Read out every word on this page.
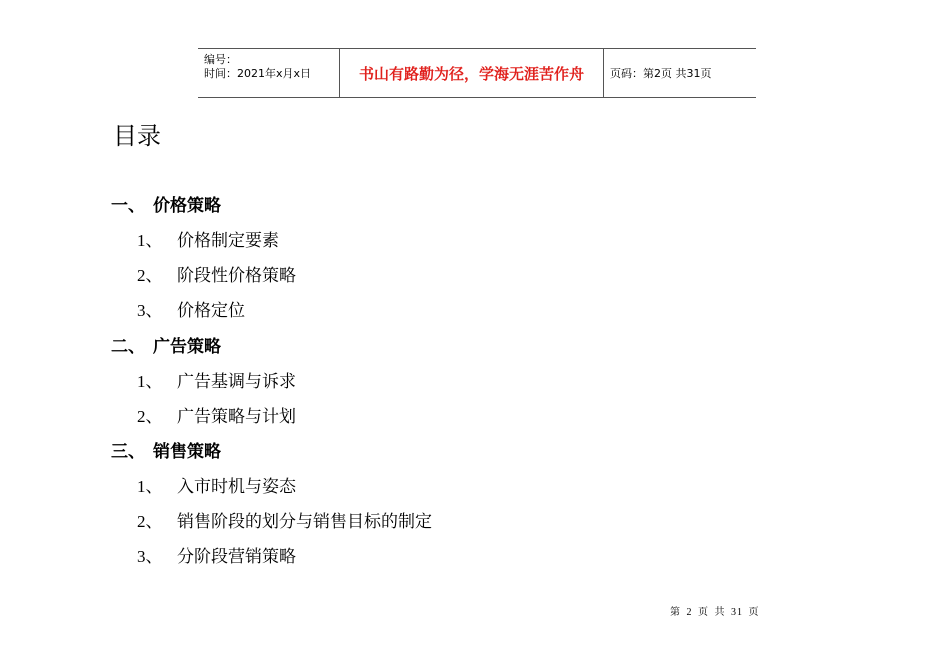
编号：
时间：2021年x月x日	书山有路勤为径，学海无涯苦作舟 页码：第2页 共31页
目录
一、 价格策略
1、 价格制定要素
2、 阶段性价格策略
3、 价格定位
二、 广告策略
1、 广告基调与诉求
2、 广告策略与计划
三、 销售策略
1、 入市时机与姿态
2、 销售阶段的划分与销售目标的制定
3、 分阶段营销策略
第 2 页 共 31 页
